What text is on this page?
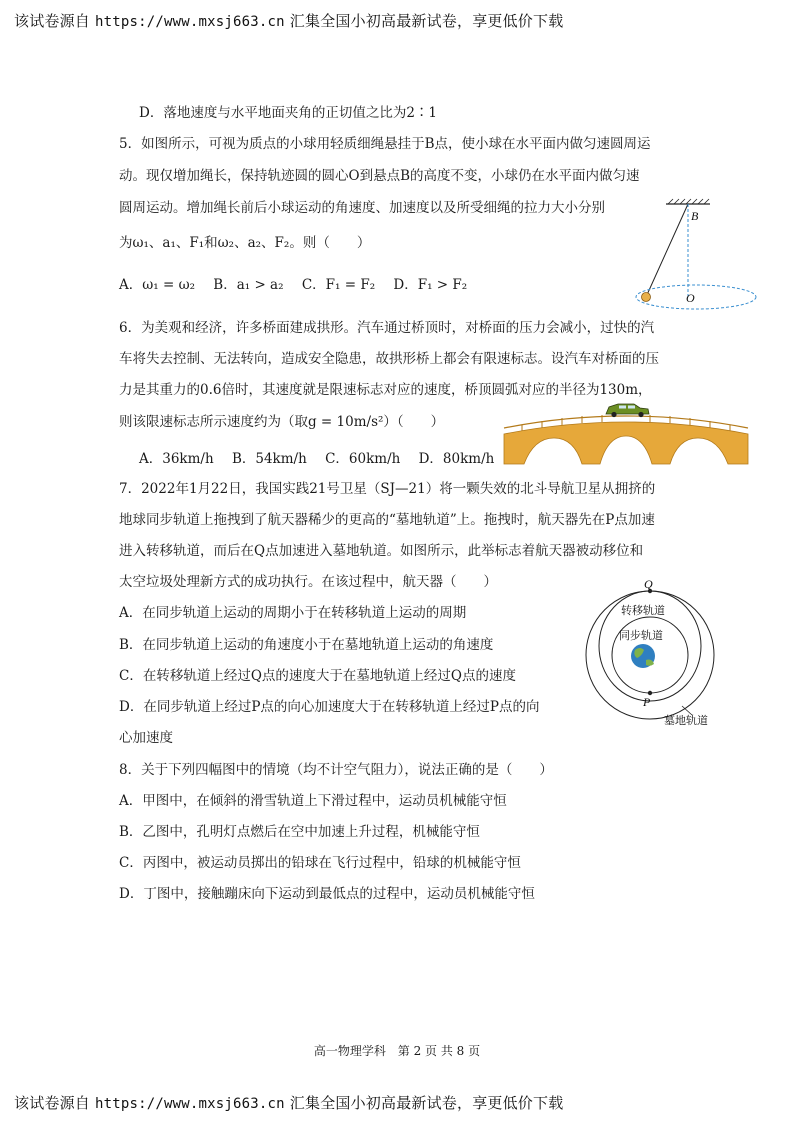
该试卷源自 https://www.mxsj663.cn 汇集全国小初高最新试卷，享更低价下载
D．落地速度与水平地面夹角的正切值之比为2∶1
5．如图所示，可视为质点的小球用轻质细绳悬挂于B点，使小球在水平面内做匀速圆周运
动。现仅增加绳长，保持轨迹圆的圆心O到悬点B的高度不变，小球仍在水平面内做匀速
圆周运动。增加绳长前后小球运动的角速度、加速度以及所受细绳的拉力大小分别
为ω₁、a₁、F₁和ω₂、a₂、F₂。则（　　）
A．ω₁ = ω₂ B．a₁ > a₂ C．F₁ = F₂ D．F₁ > F₂
B
O
6．为美观和经济，许多桥面建成拱形。汽车通过桥顶时，对桥面的压力会减小，过快的汽
车将失去控制、无法转向，造成安全隐患，故拱形桥上都会有限速标志。设汽车对桥面的压
力是其重力的0.6倍时，其速度就是限速标志对应的速度，桥顶圆弧对应的半径为130m，
则该限速标志所示速度约为（取g = 10m/s²）（　　）
A．36km/h B．54km/h C．60km/h D．80km/h
7．2022年1月22日，我国实践21号卫星（SJ—21）将一颗失效的北斗导航卫星从拥挤的
地球同步轨道上拖拽到了航天器稀少的更高的“墓地轨道”上。拖拽时，航天器先在P点加速
进入转移轨道，而后在Q点加速进入墓地轨道。如图所示，此举标志着航天器被动移位和
太空垃圾处理新方式的成功执行。在该过程中，航天器（　　）
A．在同步轨道上运动的周期小于在转移轨道上运动的周期
B．在同步轨道上运动的角速度小于在墓地轨道上运动的角速度
C．在转移轨道上经过Q点的速度大于在墓地轨道上经过Q点的速度
D．在同步轨道上经过P点的向心加速度大于在转移轨道上经过P点的向
心加速度
Q
P
转移轨道
同步轨道
墓地轨道
8．关于下列四幅图中的情境（均不计空气阻力），说法正确的是（　　）
A．甲图中，在倾斜的滑雪轨道上下滑过程中，运动员机械能守恒
B．乙图中，孔明灯点燃后在空中加速上升过程，机械能守恒
C．丙图中，被运动员掷出的铅球在飞行过程中，铅球的机械能守恒
D．丁图中，接触蹦床向下运动到最低点的过程中，运动员机械能守恒
高一物理学科 第 2 页 共 8 页
该试卷源自 https://www.mxsj663.cn 汇集全国小初高最新试卷，享更低价下载
